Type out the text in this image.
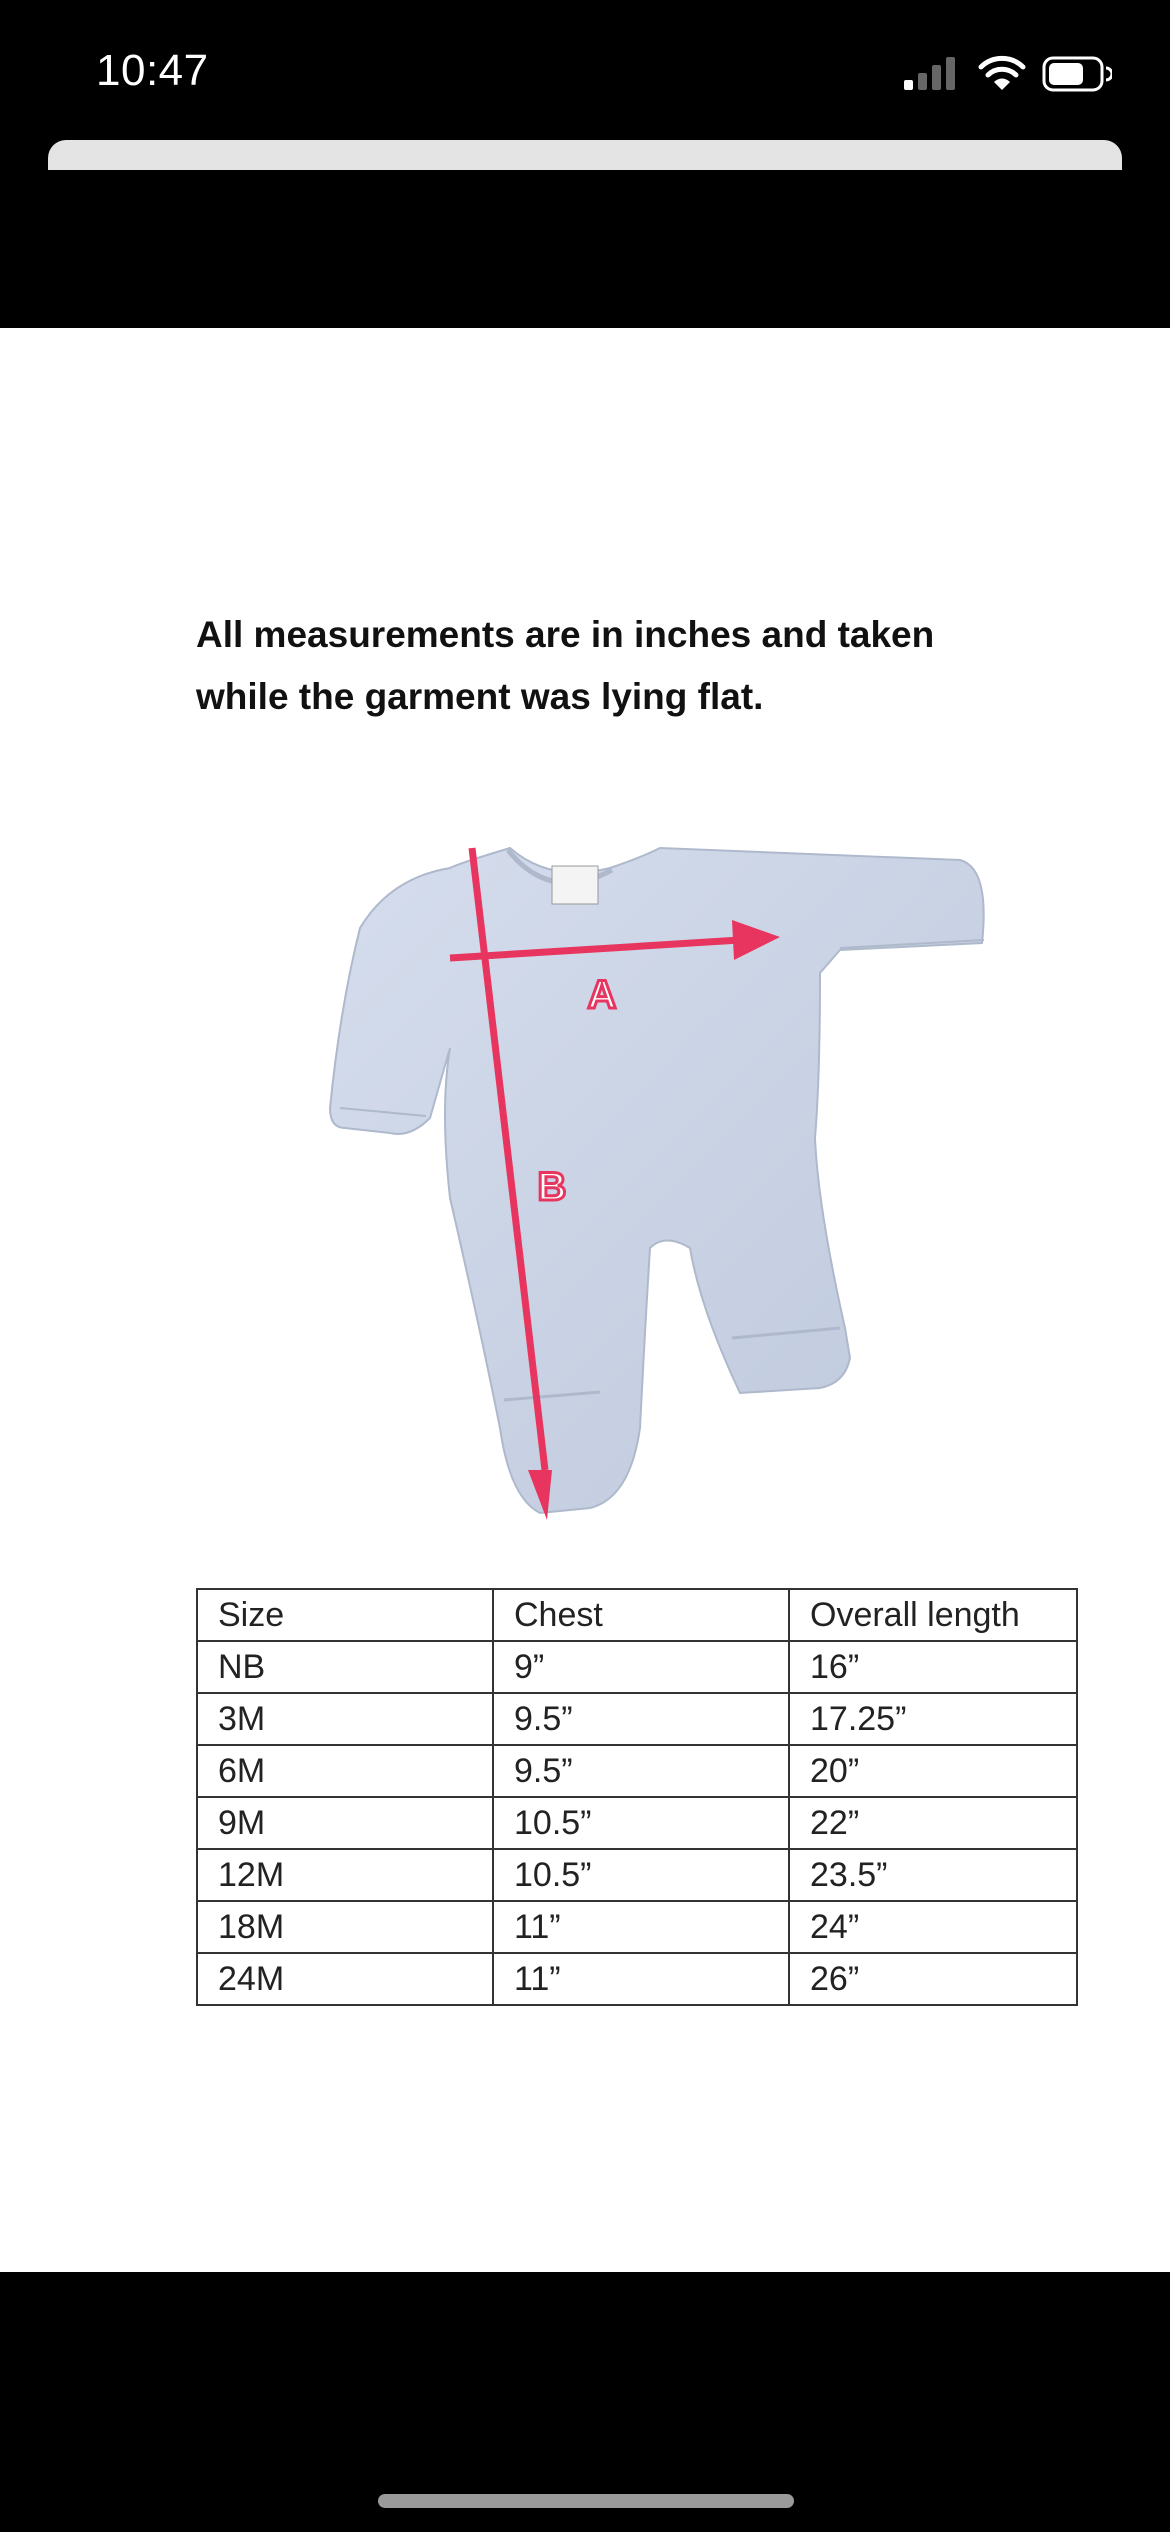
10:47
All measurements are in inches and taken
while the garment was lying flat.
A
B
Size	Chest	Overall length
NB	9”	16”
3M	9.5”	17.25”
6M	9.5”	20”
9M	10.5”	22”
12M	10.5”	23.5”
18M	11”	24”
24M	11”	26”
